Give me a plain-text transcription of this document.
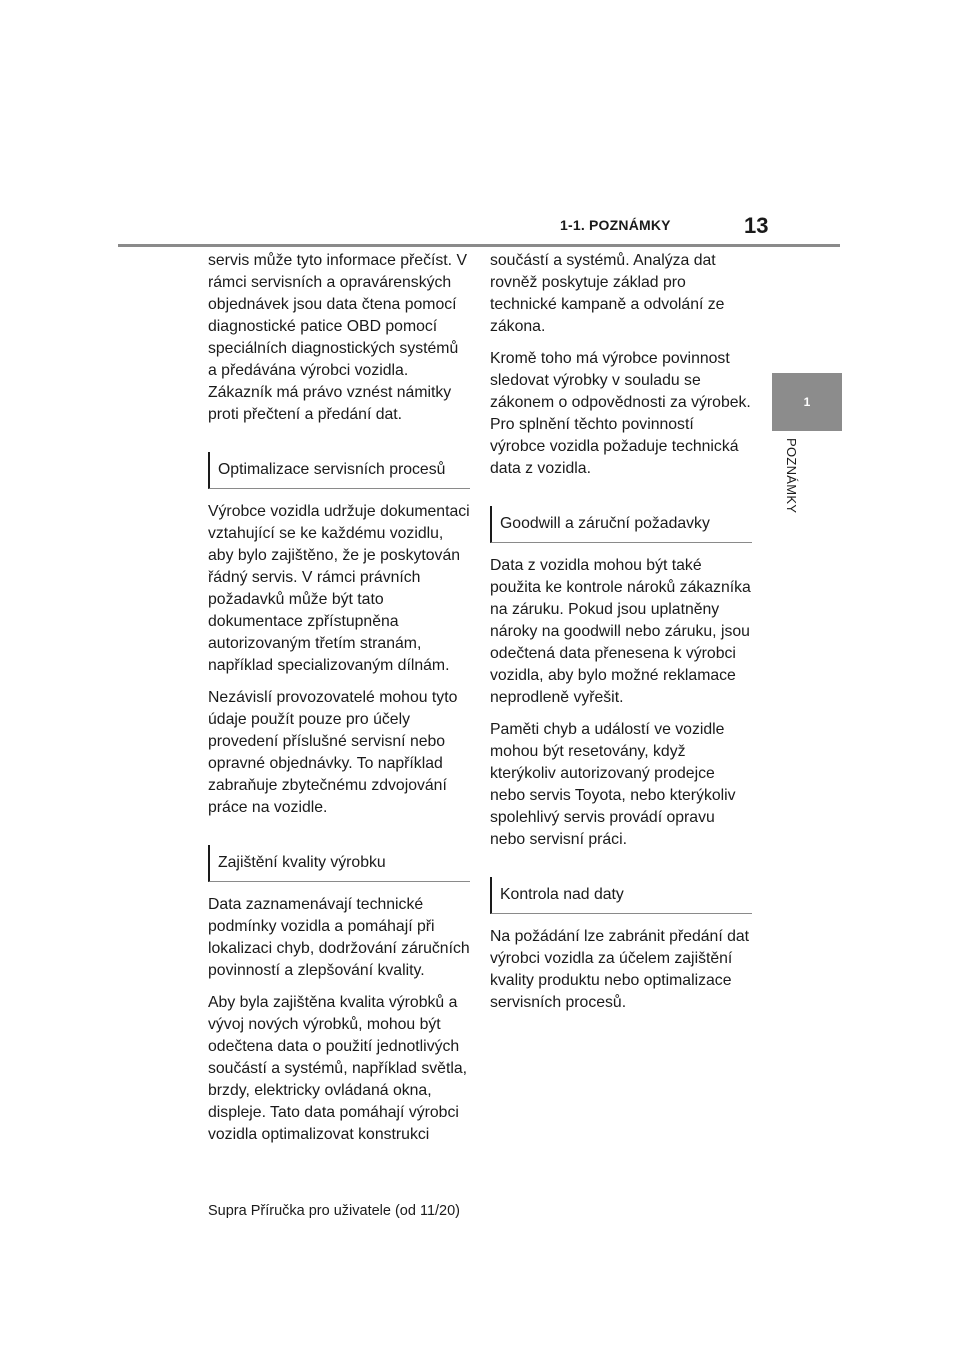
1-1. POZNÁMKY	13
1
POZNÁMKY

servis může tyto informace přečíst. V rámci servisních a opravárenských objednávek jsou data čtena pomocí diagnostické patice OBD pomocí speciálních diagnostických systémů a předávána výrobci vozidla. Zákazník má právo vznést námitky proti přečtení a předání dat.

Optimalizace servisních procesů

Výrobce vozidla udržuje dokumentaci vztahující se ke každému vozidlu, aby bylo zajištěno, že je poskytován řádný servis. V rámci právních požadavků může být tato dokumentace zpřístupněna autorizovaným třetím stranám, například specializovaným dílnám.

Nezávislí provozovatelé mohou tyto údaje použít pouze pro účely provedení příslušné servisní nebo opravné objednávky. To například zabraňuje zbytečnému zdvojování práce na vozidle.

Zajištění kvality výrobku

Data zaznamenávají technické podmínky vozidla a pomáhají při lokalizaci chyb, dodržování záručních povinností a zlepšování kvality.

Aby byla zajištěna kvalita výrobků a vývoj nových výrobků, mohou být odečtena data o použití jednotlivých součástí a systémů, například světla, brzdy, elektricky ovládaná okna, displeje. Tato data pomáhají výrobci vozidla optimalizovat konstrukci

součástí a systémů. Analýza dat rovněž poskytuje základ pro technické kampaně a odvolání ze zákona.

Kromě toho má výrobce povinnost sledovat výrobky v souladu se zákonem o odpovědnosti za výrobek. Pro splnění těchto povinností výrobce vozidla požaduje technická data z vozidla.

Goodwill a záruční požadavky

Data z vozidla mohou být také použita ke kontrole nároků zákazníka na záruku. Pokud jsou uplatněny nároky na goodwill nebo záruku, jsou odečtená data přenesena k výrobci vozidla, aby bylo možné reklamace neprodleně vyřešit.

Paměti chyb a událostí ve vozidle mohou být resetovány, když kterýkoliv autorizovaný prodejce nebo servis Toyota, nebo kterýkoliv spolehlivý servis provádí opravu nebo servisní práci.

Kontrola nad daty

Na požádání lze zabránit předání dat výrobci vozidla za účelem zajištění kvality produktu nebo optimalizace servisních procesů.

Supra Příručka pro uživatele (od 11/20)
